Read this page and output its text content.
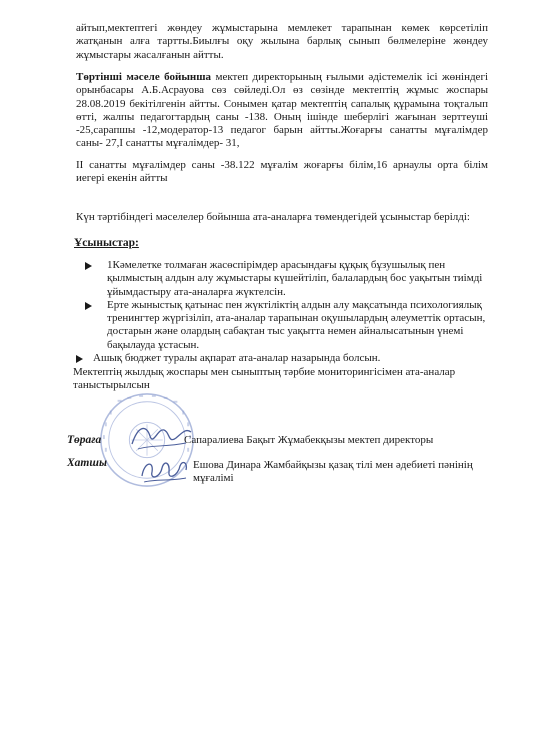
айтып,мектептегі жөндеу жұмыстарына мемлекет тарапынан көмек көрсетіліп жатқанын алға тартты.Биылғы оқу жылына барлық сынып бөлмелеріне жөндеу жұмыстары жасалғанын айтты.
Төртінші мәселе бойынша мектеп директорының ғылыми әдістемелік ісі жөніндегі орынбасары А.Б.Асрауова сөз сөйледі.Ол өз сөзінде мектептің жұмыс жоспары 28.08.2019 бекітілгенін айтты. Сонымен қатар мектептің сапалық құрамына тоқталып өтті, жалпы педагогтардың саны -138. Оның ішінде шеберлігі жағынан зерттеуші -25,сарапшы -12,модератор-13 педагог барын айтты.Жоғарғы санатты мұғалімдер саны- 27,І санатты мұғалімдер- 31,
ІІ санатты мұғалімдер саны -38.122 мұғалім жоғарғы білім,16 арнаулы орта білім иегері екенін айтты
Күн тәртібіндегі мәселелер бойынша ата-аналарға төмендегідей ұсыныстар берілді:
Ұсыныстар:
1Кәмелетке толмаған жасөспірімдер арасындағы құқық бұзушылық пен қылмыстың алдын алу жұмыстары күшейтіліп, балалардың бос уақытын тиімді ұйымдастыру ата-аналарға жүктелсін.
Ерте жыныстық қатынас пен жүктіліктің алдын алу мақсатында психологиялық тренингтер жүргізіліп, ата-аналар тарапынан оқушылардың әлеуметтік ортасын, достарын және олардың сабақтан тыс уақытта немен айналысатынын үнемі бақылауда ұстасын.
Ашық бюджет туралы ақпарат ата-аналар назарында болсын.
Мектептің жылдық жоспары мен сыныптың тәрбие мониторингісімен ата-аналар таныстырылсын
Төраға	Сапаралиева Бақыт Жұмабекқызы мектеп директоры
Хатшы	Ешова Динара Жамбайқызы қазақ тілі мен әдебиеті пәнінің мұғалімі
